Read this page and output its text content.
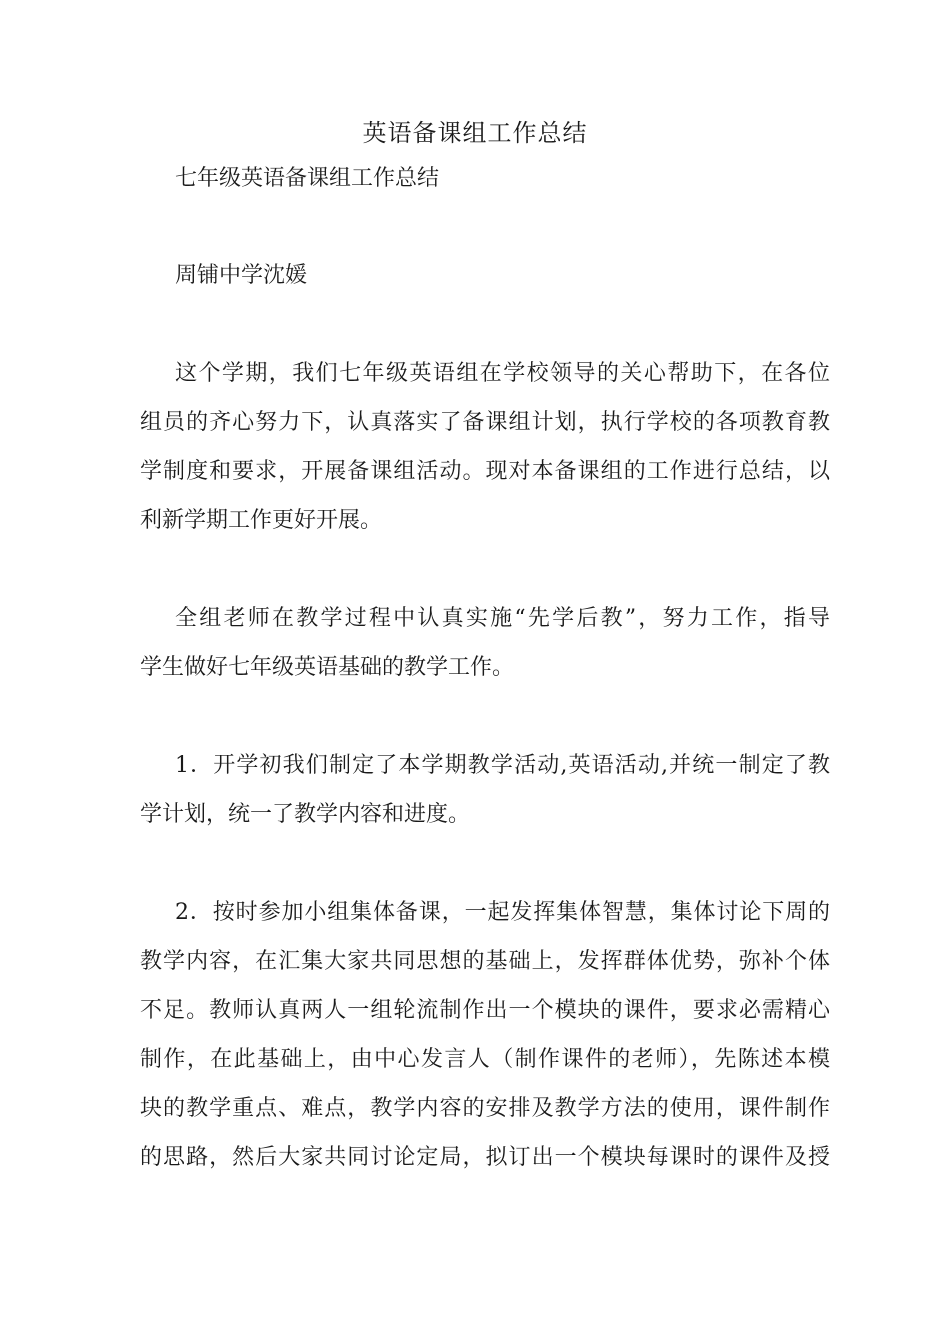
英语备课组工作总结
七年级英语备课组工作总结
周铺中学沈媛
这个学期，我们七年级英语组在学校领导的关心帮助下，在各位
组员的齐心努力下，认真落实了备课组计划，执行学校的各项教育教
学制度和要求，开展备课组活动。现对本备课组的工作进行总结，以
利新学期工作更好开展。
全组老师在教学过程中认真实施“先学后教”，努力工作，指导
学生做好七年级英语基础的教学工作。
1．开学初我们制定了本学期教学活动,英语活动,并统一制定了教
学计划，统一了教学内容和进度。
2．按时参加小组集体备课，一起发挥集体智慧，集体讨论下周的
教学内容，在汇集大家共同思想的基础上，发挥群体优势，弥补个体
不足。教师认真两人一组轮流制作出一个模块的课件，要求必需精心
制作，在此基础上，由中心发言人（制作课件的老师），先陈述本模
块的教学重点、难点，教学内容的安排及教学方法的使用，课件制作
的思路，然后大家共同讨论定局，拟订出一个模块每课时的课件及授
